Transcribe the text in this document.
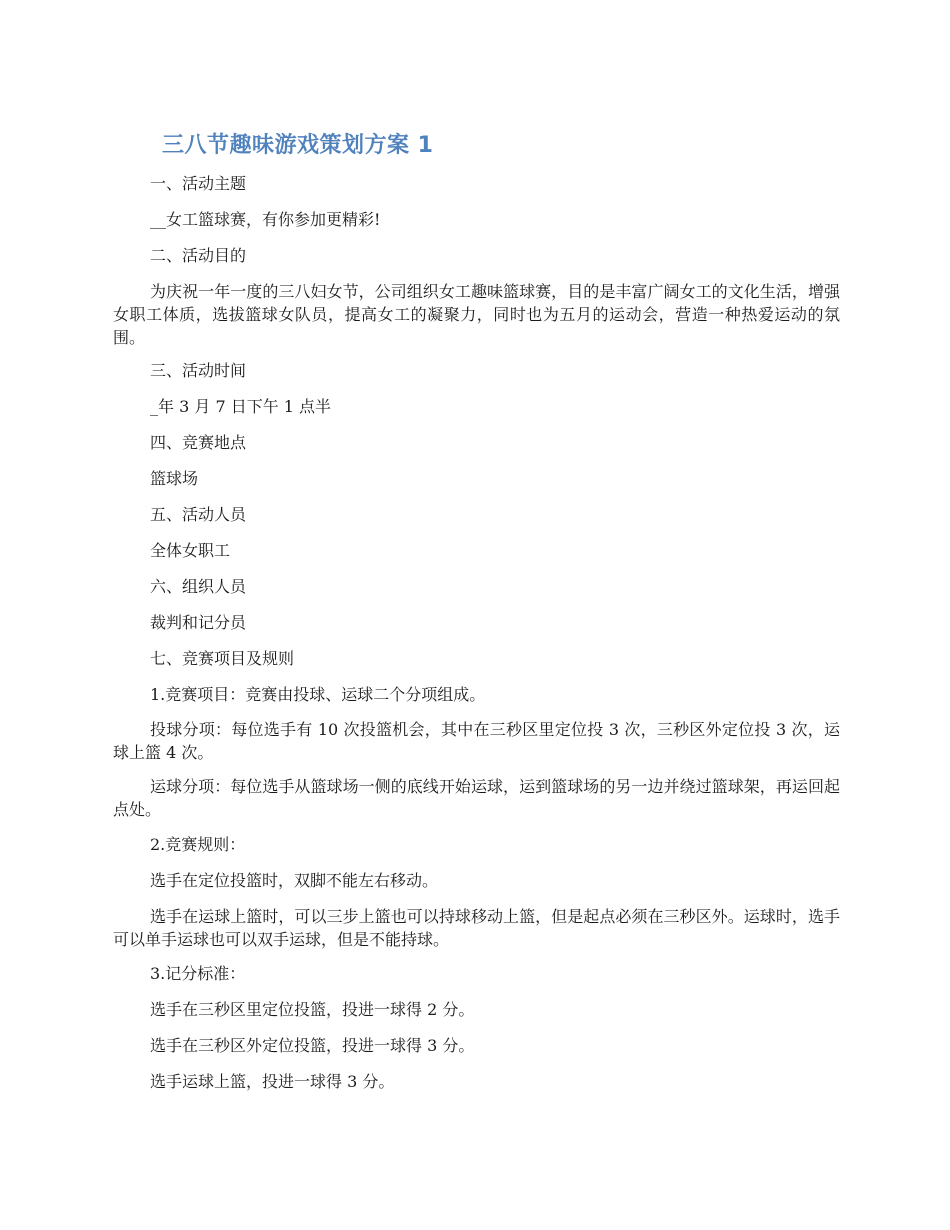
三八节趣味游戏策划方案 1

一、活动主题

__女工篮球赛，有你参加更精彩!

二、活动目的

为庆祝一年一度的三八妇女节，公司组织女工趣味篮球赛，目的是丰富广阔女工的文化生活，增强女职工体质，选拔篮球女队员，提高女工的凝聚力，同时也为五月的运动会，营造一种热爱运动的氛围。

三、活动时间

_年 3 月 7 日下午 1 点半

四、竞赛地点

篮球场

五、活动人员

全体女职工

六、组织人员

裁判和记分员

七、竞赛项目及规则

1.竞赛项目：竞赛由投球、运球二个分项组成。

投球分项：每位选手有 10 次投篮机会，其中在三秒区里定位投 3 次，三秒区外定位投 3 次，运球上篮 4 次。

运球分项：每位选手从篮球场一侧的底线开始运球，运到篮球场的另一边并绕过篮球架，再运回起点处。

2.竞赛规则：

选手在定位投篮时，双脚不能左右移动。

选手在运球上篮时，可以三步上篮也可以持球移动上篮，但是起点必须在三秒区外。运球时，选手可以单手运球也可以双手运球，但是不能持球。

3.记分标准：

选手在三秒区里定位投篮，投进一球得 2 分。

选手在三秒区外定位投篮，投进一球得 3 分。

选手运球上篮，投进一球得 3 分。
